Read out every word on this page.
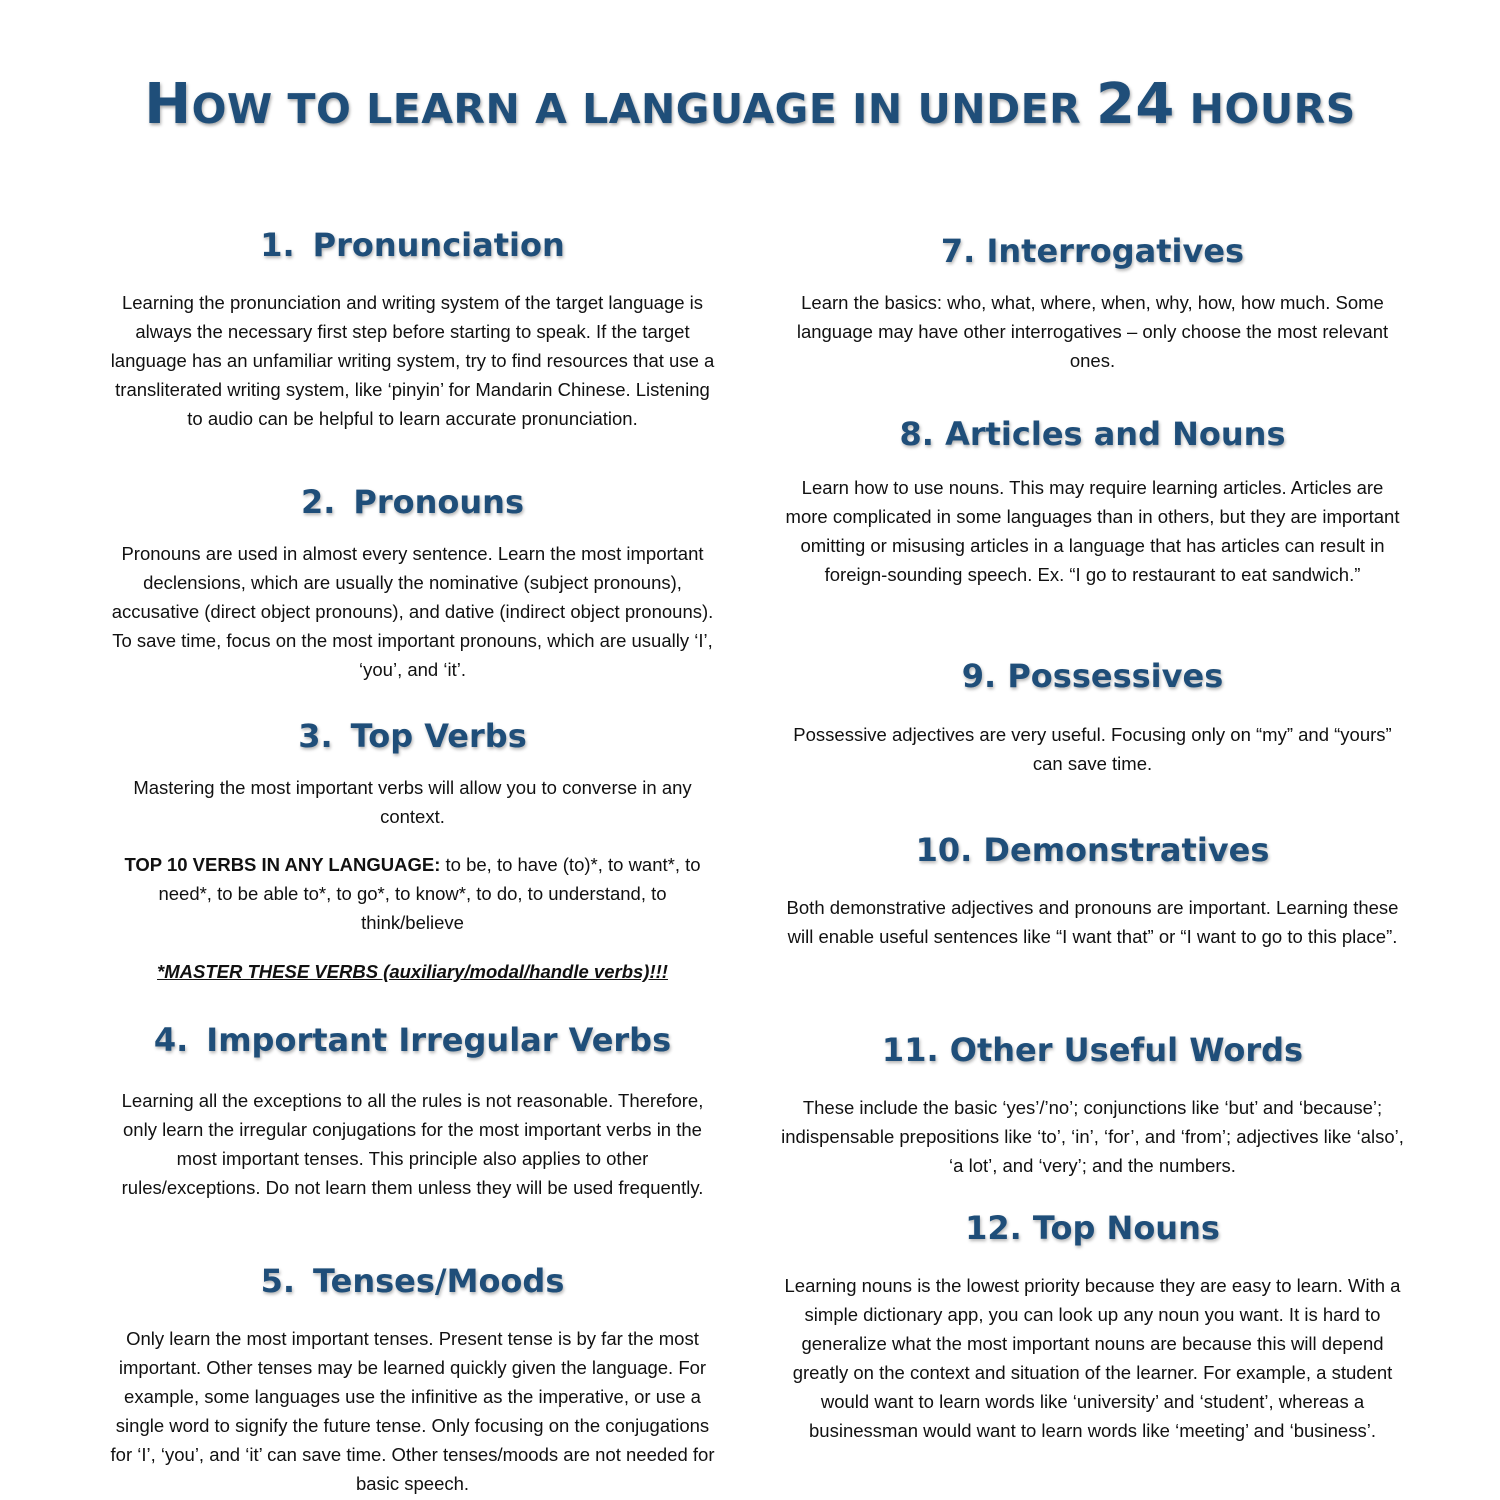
HOW TO LEARN A LANGUAGE IN UNDER 24 HOURS
1. Pronunciation
Learning the pronunciation and writing system of the target language is always the necessary first step before starting to speak. If the target language has an unfamiliar writing system, try to find resources that use a transliterated writing system, like ‘pinyin’ for Mandarin Chinese. Listening to audio can be helpful to learn accurate pronunciation.
2. Pronouns
Pronouns are used in almost every sentence. Learn the most important declensions, which are usually the nominative (subject pronouns), accusative (direct object pronouns), and dative (indirect object pronouns). To save time, focus on the most important pronouns, which are usually ‘I’, ‘you’, and ‘it’.
3. Top Verbs
Mastering the most important verbs will allow you to converse in any context.
TOP 10 VERBS IN ANY LANGUAGE: to be, to have (to)*, to want*, to need*, to be able to*, to go*, to know*, to do, to understand, to think/believe
*MASTER THESE VERBS (auxiliary/modal/handle verbs)!!!
4. Important Irregular Verbs
Learning all the exceptions to all the rules is not reasonable. Therefore, only learn the irregular conjugations for the most important verbs in the most important tenses. This principle also applies to other rules/exceptions. Do not learn them unless they will be used frequently.
5. Tenses/Moods
Only learn the most important tenses. Present tense is by far the most important. Other tenses may be learned quickly given the language. For example, some languages use the infinitive as the imperative, or use a single word to signify the future tense. Only focusing on the conjugations for ‘I’, ‘you’, and ‘it’ can save time. Other tenses/moods are not needed for basic speech.
7. Interrogatives
Learn the basics: who, what, where, when, why, how, how much. Some language may have other interrogatives – only choose the most relevant ones.
8. Articles and Nouns
Learn how to use nouns. This may require learning articles. Articles are more complicated in some languages than in others, but they are important omitting or misusing articles in a language that has articles can result in foreign-sounding speech. Ex. “I go to restaurant to eat sandwich.”
9. Possessives
Possessive adjectives are very useful. Focusing only on “my” and “yours” can save time.
10. Demonstratives
Both demonstrative adjectives and pronouns are important. Learning these will enable useful sentences like “I want that” or “I want to go to this place”.
11. Other Useful Words
These include the basic ‘yes’/’no’; conjunctions like ‘but’ and ‘because’; indispensable prepositions like ‘to’, ‘in’, ‘for’, and ‘from’; adjectives like ‘also’, ‘a lot’, and ‘very’; and the numbers.
12. Top Nouns
Learning nouns is the lowest priority because they are easy to learn. With a simple dictionary app, you can look up any noun you want. It is hard to generalize what the most important nouns are because this will depend greatly on the context and situation of the learner. For example, a student would want to learn words like ‘university’ and ‘student’, whereas a businessman would want to learn words like ‘meeting’ and ‘business’.
